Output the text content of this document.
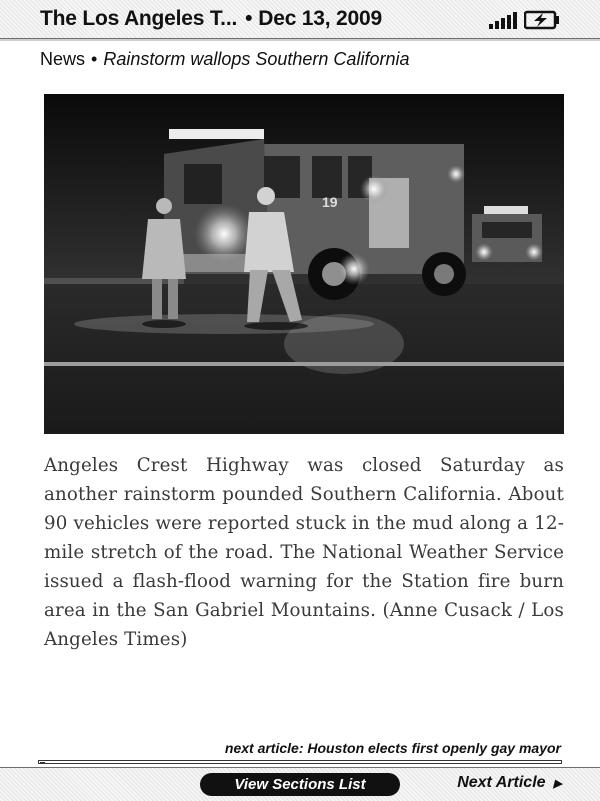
The Los Angeles T... • Dec 13, 2009
News • Rainstorm wallops Southern California
19
Angeles Crest Highway was closed Saturday as another rainstorm pounded Southern California. About 90 vehicles were reported stuck in the mud along a 12-mile stretch of the road. The National Weather Service issued a flash-flood warning for the Station fire burn area in the San Gabriel Mountains. (Anne Cusack / Los Angeles Times)
next article: Houston elects first openly gay mayor
View Sections List	Next Article ▶
